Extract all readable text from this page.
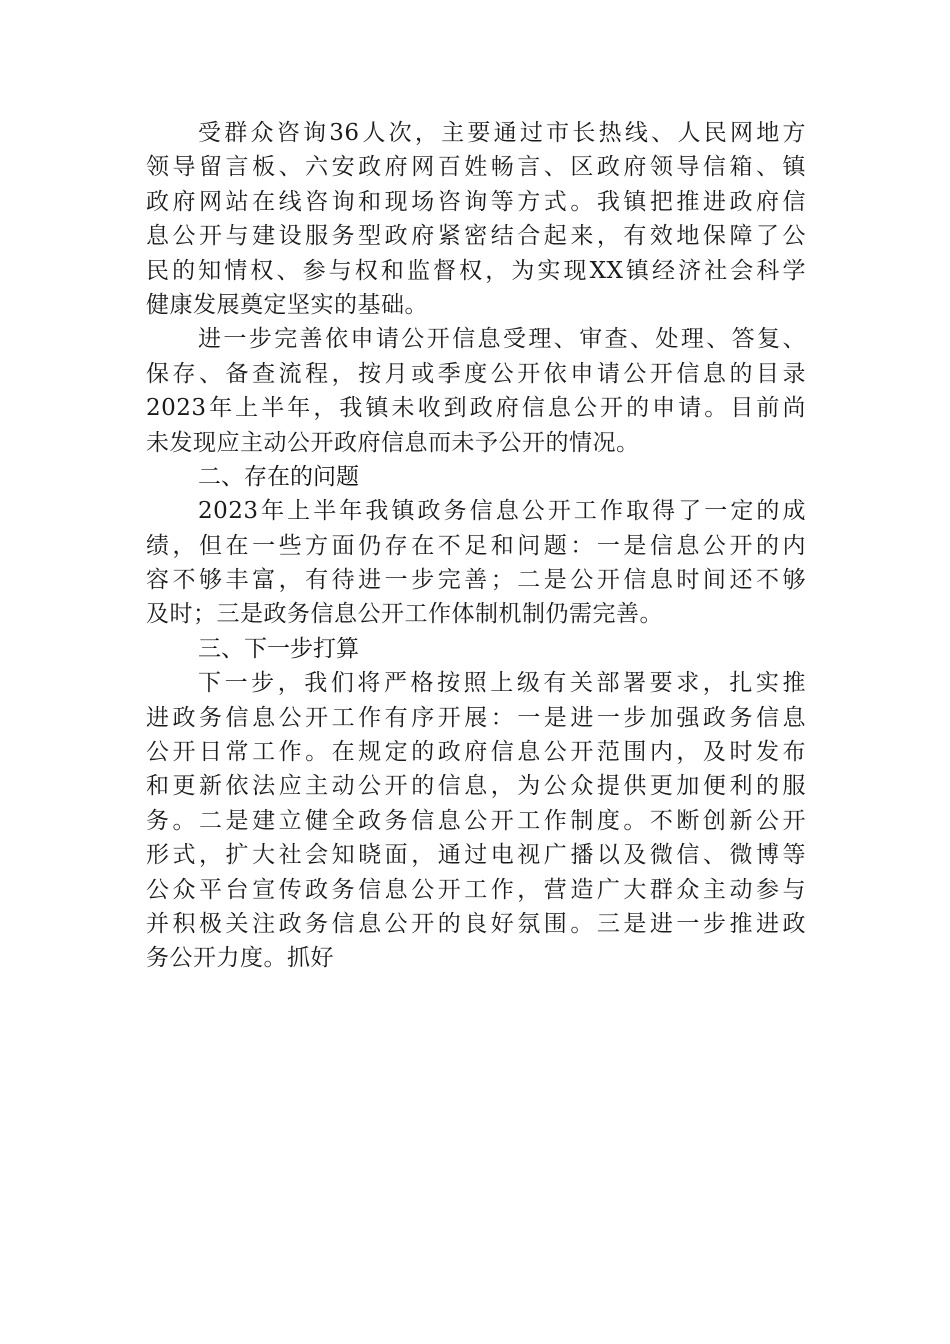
受群众咨询36人次，主要通过市长热线、人民网地方
领导留言板、六安政府网百姓畅言、区政府领导信箱、镇
政府网站在线咨询和现场咨询等方式。我镇把推进政府信
息公开与建设服务型政府紧密结合起来，有效地保障了公
民的知情权、参与权和监督权，为实现XX镇经济社会科学
健康发展奠定坚实的基础。
进一步完善依申请公开信息受理、审查、处理、答复、
保存、备查流程，按月或季度公开依申请公开信息的目录
2023年上半年，我镇未收到政府信息公开的申请。目前尚
未发现应主动公开政府信息而未予公开的情况。
二、存在的问题
2023年上半年我镇政务信息公开工作取得了一定的成
绩，但在一些方面仍存在不足和问题：一是信息公开的内
容不够丰富，有待进一步完善；二是公开信息时间还不够
及时；三是政务信息公开工作体制机制仍需完善。
三、下一步打算
下一步，我们将严格按照上级有关部署要求，扎实推
进政务信息公开工作有序开展：一是进一步加强政务信息
公开日常工作。在规定的政府信息公开范围内，及时发布
和更新依法应主动公开的信息，为公众提供更加便利的服
务。二是建立健全政务信息公开工作制度。不断创新公开
形式，扩大社会知晓面，通过电视广播以及微信、微博等
公众平台宣传政务信息公开工作，营造广大群众主动参与
并积极关注政务信息公开的良好氛围。三是进一步推进政
务公开力度。抓好
